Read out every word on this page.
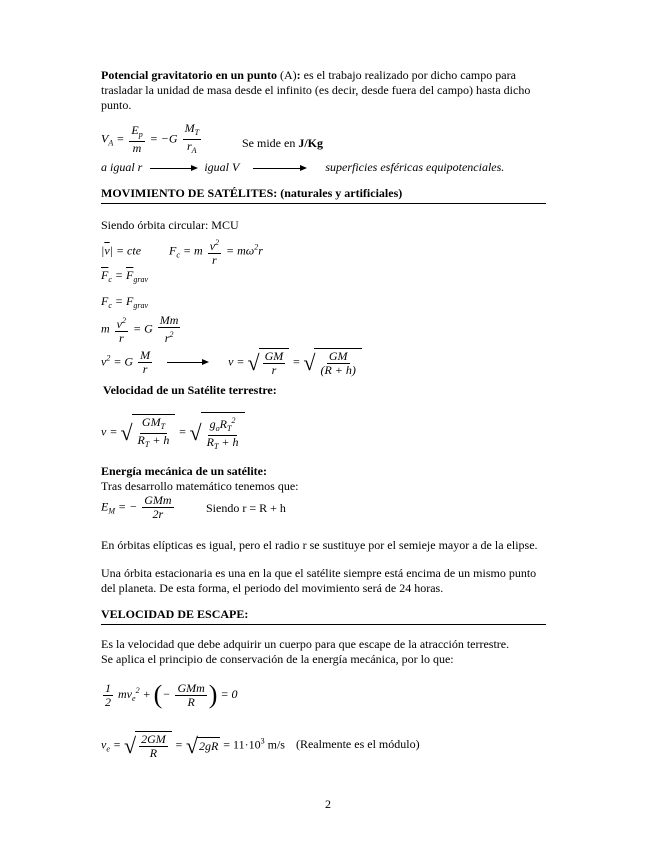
Potencial gravitatorio en un punto (A): es el trabajo realizado por dicho campo para trasladar la unidad de masa desde el infinito (es decir, desde fuera del campo) hasta dicho punto.
$V_A = \frac{E_p}{m} = -G \frac{M_T}{r_A}$	Se mide en J/Kg
a igual r	igual V	superficies esféricas equipotenciales.
MOVIMIENTO DE SATÉLITES: (naturales y artificiales)
Siendo órbita circular: MCU
$|\overline{v}|$ = cte  $F_c = m \frac{v^2}{r} = m\omega^2r$
$\overline{F}_c = \overline{F}_{grav}$
$F_c = F_{grav}$
m $\frac{v^2}{r} = G \frac{Mm}{r^2}$
$v^2 = G \frac{M}{r}$	v = √ $\frac{GM}{r}$ = √ $\frac{GM}{(R + h)}$
Velocidad de un Satélite terrestre:
v = √ $\frac{GM_T}{R_T + h}$ = √ $\frac{g_oR_T^2}{R_T + h}$
Energía mecánica de un satélite:
Tras desarrollo matemático tenemos que:
$E_M$ = − $\frac{\text{GMm}}{2r}$	Siendo r = R + h
En órbitas elípticas es igual, pero el radio r se sustituye por el semieje mayor a de la elipse.
Una órbita estacionaria es una en la que el satélite siempre está encima de un mismo punto del planeta. De esta forma, el periodo del movimiento será de 24 horas.
VELOCIDAD DE ESCAPE:
Es la velocidad que debe adquirir un cuerpo para que escape de la atracción terrestre.
Se aplica el principio de conservación de la energía mecánica, por lo que:
$\frac{1}{2} mv_e^2$ + (− $\frac{\text{GMm}}{R}$ ) = 0
$v_e$ = √ $\frac{2GM}{R}$ = √ $2gR = 11\cdot 10^3$ m/s (Realmente es el módulo)
2
